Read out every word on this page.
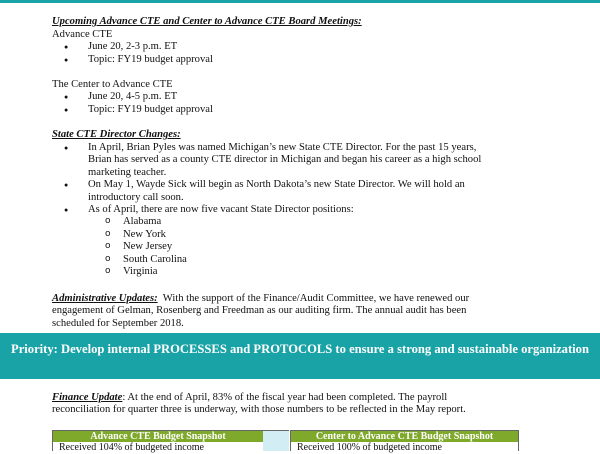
Upcoming Advance CTE and Center to Advance CTE Board Meetings:
Advance CTE
● June 20, 2-3 p.m. ET
● Topic: FY19 budget approval
The Center to Advance CTE
● June 20, 4-5 p.m. ET
● Topic: FY19 budget approval
State CTE Director Changes:
● In April, Brian Pyles was named Michigan’s new State CTE Director. For the past 15 years,
Brian has served as a county CTE director in Michigan and began his career as a high school
marketing teacher.
● On May 1, Wayde Sick will begin as North Dakota’s new State Director. We will hold an
introductory call soon.
● As of April, there are now five vacant State Director positions:
o Alabama
o New York
o New Jersey
o South Carolina
o Virginia
Administrative Updates: With the support of the Finance/Audit Committee, we have renewed our
engagement of Gelman, Rosenberg and Freedman as our auditing firm. The annual audit has been
scheduled for September 2018.
Priority: Develop internal PROCESSES and PROTOCOLS to ensure a strong and sustainable organization
Finance Update: At the end of April, 83% of the fiscal year had been completed. The payroll
reconciliation for quarter three is underway, with those numbers to be reflected in the May report.
Advance CTE Budget Snapshot
Received 104% of budgeted income
Center to Advance CTE Budget Snapshot
Received 100% of budgeted income
